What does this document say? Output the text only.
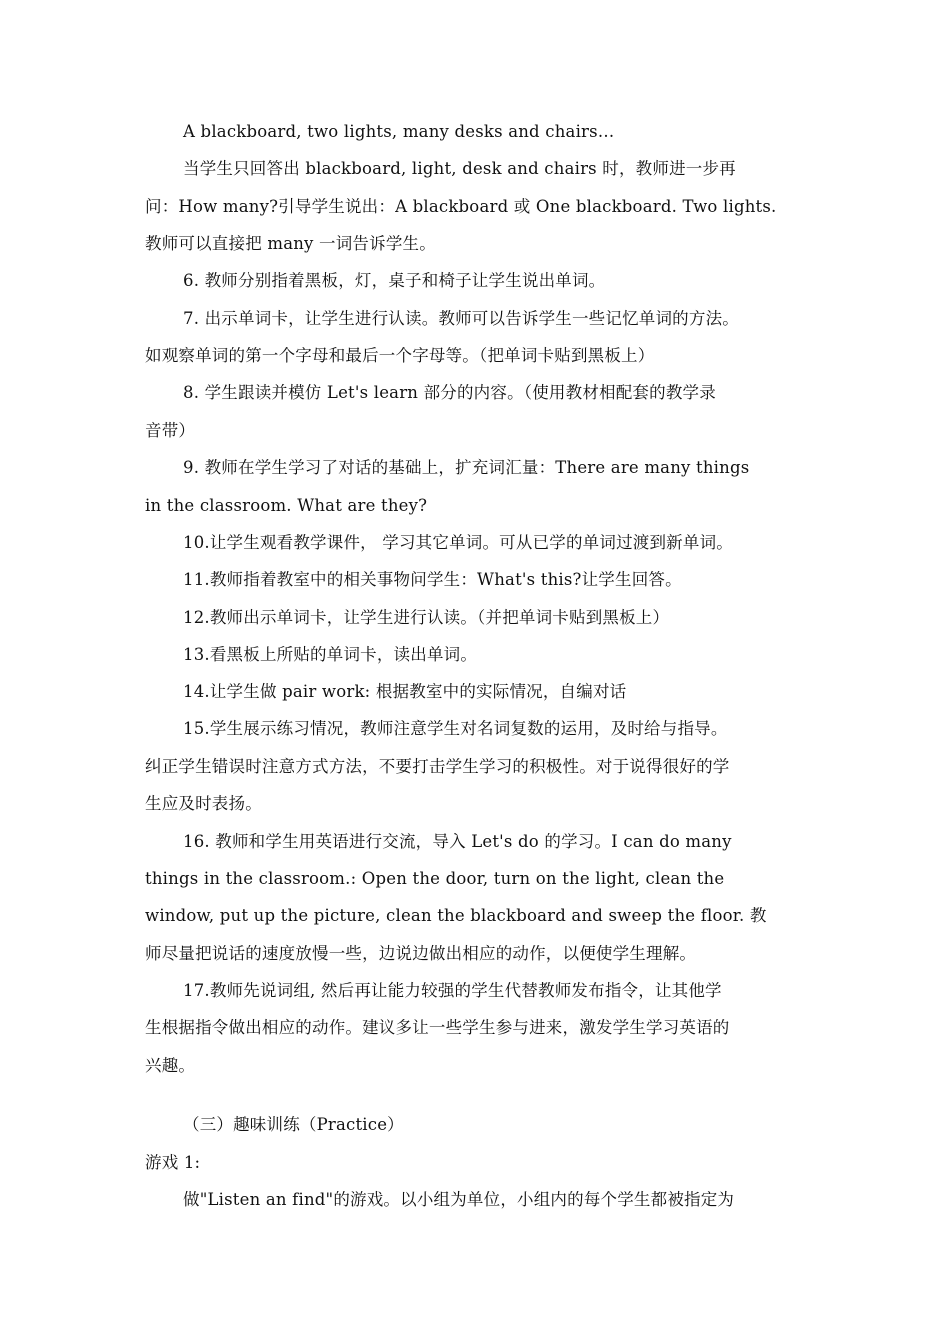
A blackboard, two lights, many desks and chairs…
当学生只回答出 blackboard, light, desk and chairs 时，教师进一步再
问：How many?引导学生说出：A blackboard 或 One blackboard. Two lights.
教师可以直接把 many 一词告诉学生。
6. 教师分别指着黑板，灯，桌子和椅子让学生说出单词。
7. 出示单词卡，让学生进行认读。教师可以告诉学生一些记忆单词的方法。
如观察单词的第一个字母和最后一个字母等。（把单词卡贴到黑板上）
8. 学生跟读并模仿 Let's learn 部分的内容。（使用教材相配套的教学录
音带）
9. 教师在学生学习了对话的基础上，扩充词汇量：There are many things
in the classroom. What are they?
10.让学生观看教学课件， 学习其它单词。可从已学的单词过渡到新单词。
11.教师指着教室中的相关事物问学生：What's this?让学生回答。
12.教师出示单词卡，让学生进行认读。（并把单词卡贴到黑板上）
13.看黑板上所贴的单词卡，读出单词。
14.让学生做 pair work: 根据教室中的实际情况，自编对话
15.学生展示练习情况，教师注意学生对名词复数的运用，及时给与指导。
纠正学生错误时注意方式方法，不要打击学生学习的积极性。对于说得很好的学
生应及时表扬。
16. 教师和学生用英语进行交流，导入 Let's do 的学习。I can do many
things in the classroom.: Open the door, turn on the light, clean the
window, put up the picture, clean the blackboard and sweep the floor. 教
师尽量把说话的速度放慢一些，边说边做出相应的动作，以便使学生理解。
17.教师先说词组, 然后再让能力较强的学生代替教师发布指令，让其他学
生根据指令做出相应的动作。建议多让一些学生参与进来，激发学生学习英语的
兴趣。
（三）趣味训练（Practice）
游戏 1:
做"Listen an find"的游戏。以小组为单位，小组内的每个学生都被指定为
